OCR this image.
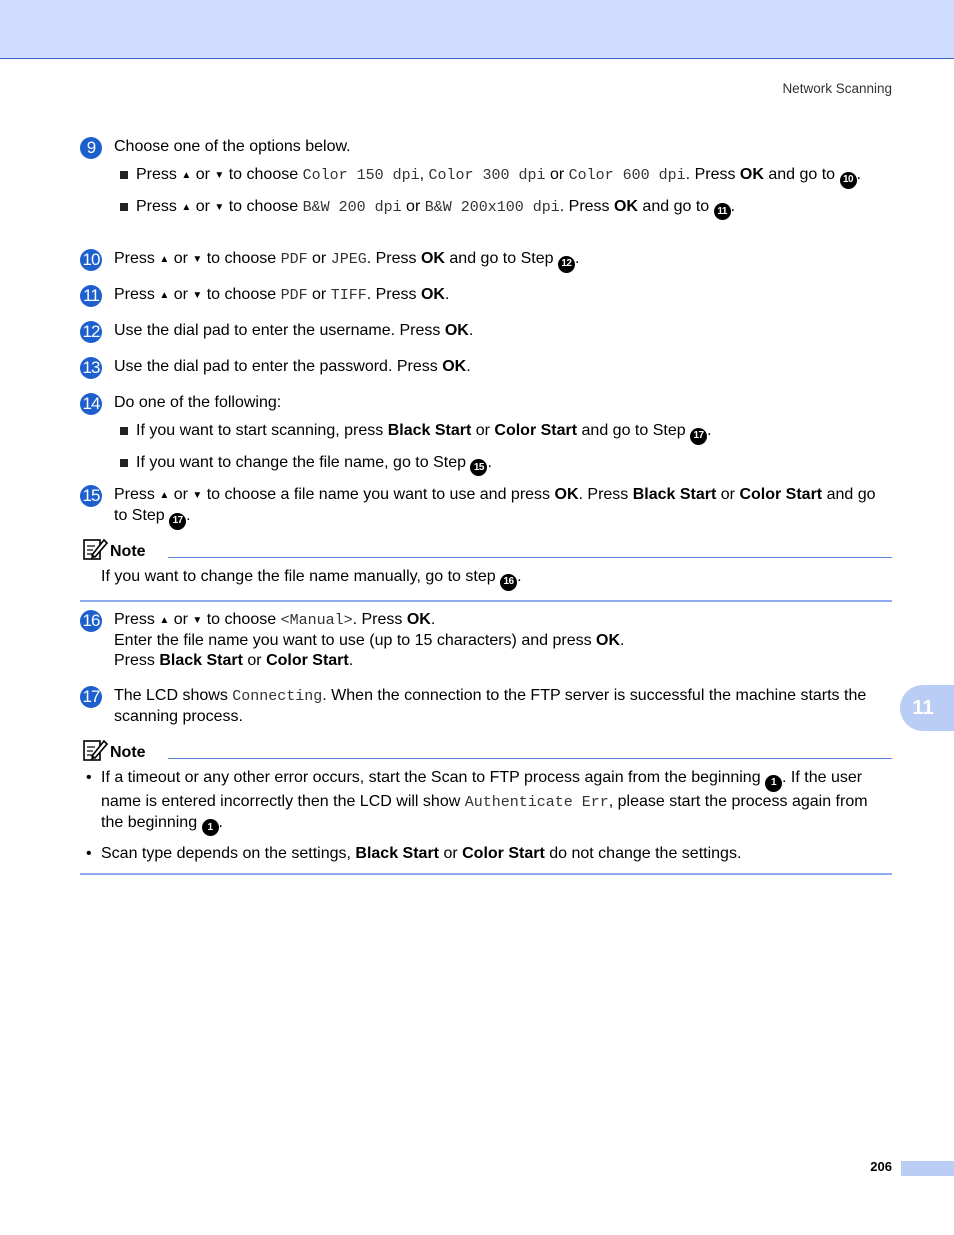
Network Scanning
11
9	Choose one of the options below.
Press ▲ or ▼ to choose Color 150 dpi, Color 300 dpi or Color 600 dpi. Press OK and go to 10 .
Press ▲ or ▼ to choose B&W 200 dpi or B&W 200x100 dpi. Press OK and go to 11 .
10 Press ▲ or ▼ to choose PDF or JPEG. Press OK and go to Step 12 .
11 Press ▲ or ▼ to choose PDF or TIFF. Press OK.
12 Use the dial pad to enter the username. Press OK.
13 Use the dial pad to enter the password. Press OK.
14 Do one of the following:
If you want to start scanning, press Black Start or Color Start and go to Step 17 .
If you want to change the file name, go to Step 15 .
15 Press ▲ or ▼ to choose a file name you want to use and press OK. Press Black Start or Color Start and go to Step 17 .
Note
If you want to change the file name manually, go to step 16 .
16 Press ▲ or ▼ to choose <Manual>. Press OK.
Enter the file name you want to use (up to 15 characters) and press OK.
Press Black Start or Color Start.
17 The LCD shows Connecting. When the connection to the FTP server is successful the machine starts the scanning process.
Note
• If a timeout or any other error occurs, start the Scan to FTP process again from the beginning 1 . If the user name is entered incorrectly then the LCD will show Authenticate Err, please start the process again from the beginning 1 .
• Scan type depends on the settings, Black Start or Color Start do not change the settings.
206
